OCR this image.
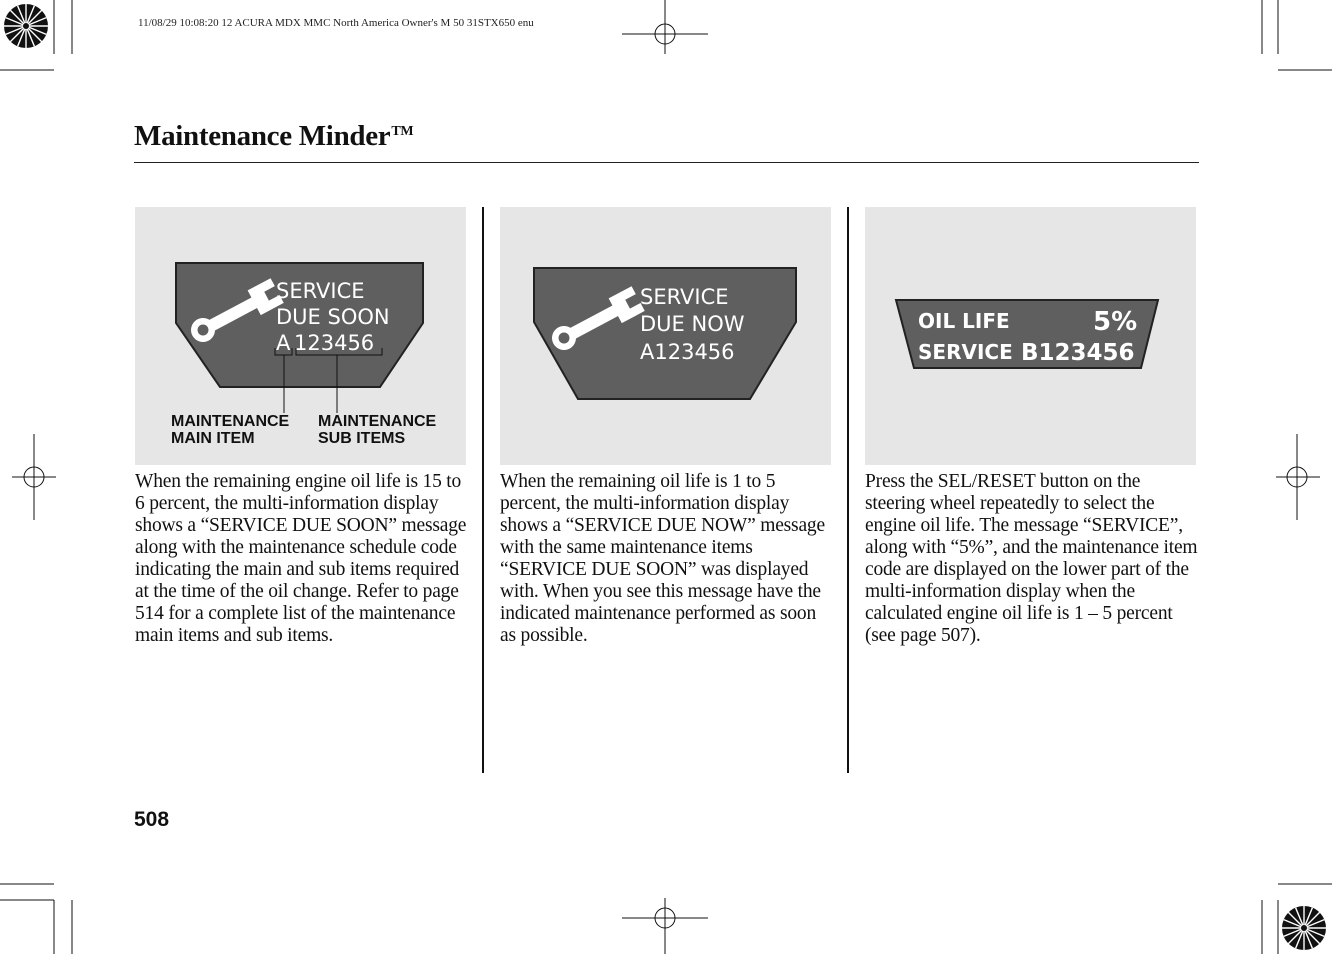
11/08/29 10:08:20 12 ACURA MDX MMC North America Owner's M 50 31STX650 enu
Maintenance Minder™
SERVICE
DUE SOON
A 123456
MAINTENANCE
MAIN ITEM
MAINTENANCE
SUB ITEMS
SERVICE
DUE NOW
A123456
OIL LIFE	5%
SERVICE B123456

When the remaining engine oil life is 15 to 6 percent, the multi-information display shows a “SERVICE DUE SOON” message along with the maintenance schedule code indicating the main and sub items required at the time of the oil change. Refer to page 514 for a complete list of the maintenance main items and sub items.

When the remaining oil life is 1 to 5 percent, the multi-information display shows a “SERVICE DUE NOW” message with the same maintenance items “SERVICE DUE SOON” was displayed with. When you see this message have the indicated maintenance performed as soon as possible.

Press the SEL/RESET button on the steering wheel repeatedly to select the engine oil life. The message “SERVICE”, along with “5%”, and the maintenance item code are displayed on the lower part of the multi-information display when the calculated engine oil life is 1 – 5 percent (see page 507).

508
